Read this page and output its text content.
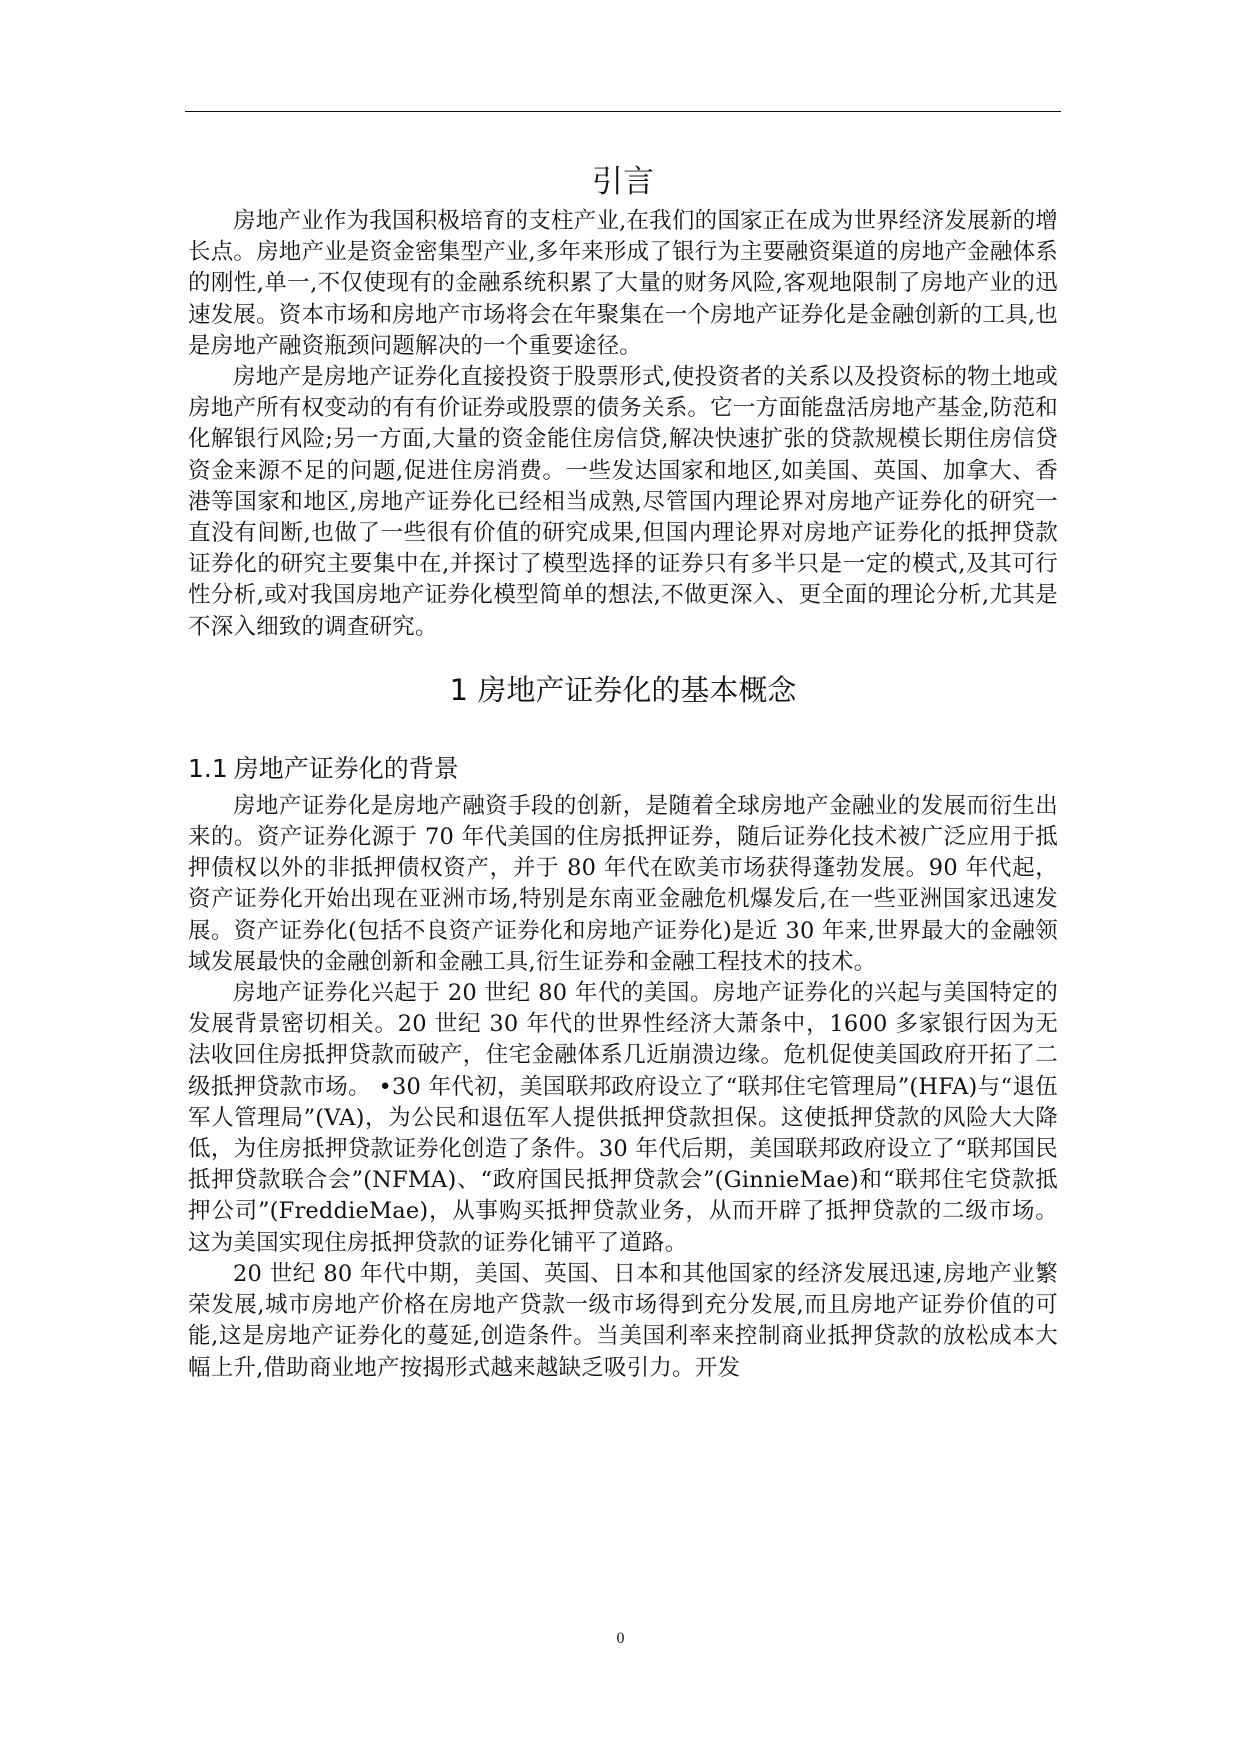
引言

房地产业作为我国积极培育的支柱产业,在我们的国家正在成为世界经济发展新的增长点。房地产业是资金密集型产业,多年来形成了银行为主要融资渠道的房地产金融体系的刚性,单一,不仅使现有的金融系统积累了大量的财务风险,客观地限制了房地产业的迅速发展。资本市场和房地产市场将会在年聚集在一个房地产证券化是金融创新的工具,也是房地产融资瓶颈问题解决的一个重要途径。

房地产是房地产证券化直接投资于股票形式,使投资者的关系以及投资标的物土地或房地产所有权变动的有有价证券或股票的债务关系。它一方面能盘活房地产基金,防范和化解银行风险;另一方面,大量的资金能住房信贷,解决快速扩张的贷款规模长期住房信贷资金来源不足的问题,促进住房消费。一些发达国家和地区,如美国、英国、加拿大、香港等国家和地区,房地产证券化已经相当成熟,尽管国内理论界对房地产证券化的研究一直没有间断,也做了一些很有价值的研究成果,但国内理论界对房地产证券化的抵押贷款证券化的研究主要集中在,并探讨了模型选择的证券只有多半只是一定的模式,及其可行性分析,或对我国房地产证券化模型简单的想法,不做更深入、更全面的理论分析,尤其是不深入细致的调查研究。

1 房地产证券化的基本概念
1.1 房地产证券化的背景

房地产证券化是房地产融资手段的创新，是随着全球房地产金融业的发展而衍生出来的。资产证券化源于 70 年代美国的住房抵押证券，随后证券化技术被广泛应用于抵押债权以外的非抵押债权资产，并于 80 年代在欧美市场获得蓬勃发展。90 年代起，资产证券化开始出现在亚洲市场,特别是东南亚金融危机爆发后,在一些亚洲国家迅速发展。资产证券化(包括不良资产证券化和房地产证券化)是近 30 年来,世界最大的金融领域发展最快的金融创新和金融工具,衍生证券和金融工程技术的技术。

房地产证券化兴起于 20 世纪 80 年代的美国。房地产证券化的兴起与美国特定的发展背景密切相关。20 世纪 30 年代的世界性经济大萧条中，1600 多家银行因为无法收回住房抵押贷款而破产，住宅金融体系几近崩溃边缘。危机促使美国政府开拓了二级抵押贷款市场。 •30 年代初，美国联邦政府设立了“联邦住宅管理局”(HFA)与“退伍军人管理局”(VA)，为公民和退伍军人提供抵押贷款担保。这使抵押贷款的风险大大降低，为住房抵押贷款证券化创造了条件。30 年代后期，美国联邦政府设立了“联邦国民抵押贷款联合会”(NFMA)、“政府国民抵押贷款会”(GinnieMae)和“联邦住宅贷款抵押公司”(FreddieMae)，从事购买抵押贷款业务，从而开辟了抵押贷款的二级市场。这为美国实现住房抵押贷款的证券化铺平了道路。

20 世纪 80 年代中期，美国、英国、日本和其他国家的经济发展迅速,房地产业繁荣发展,城市房地产价格在房地产贷款一级市场得到充分发展,而且房地产证券价值的可能,这是房地产证券化的蔓延,创造条件。当美国利率来控制商业抵押贷款的放松成本大幅上升,借助商业地产按揭形式越来越缺乏吸引力。开发

0
